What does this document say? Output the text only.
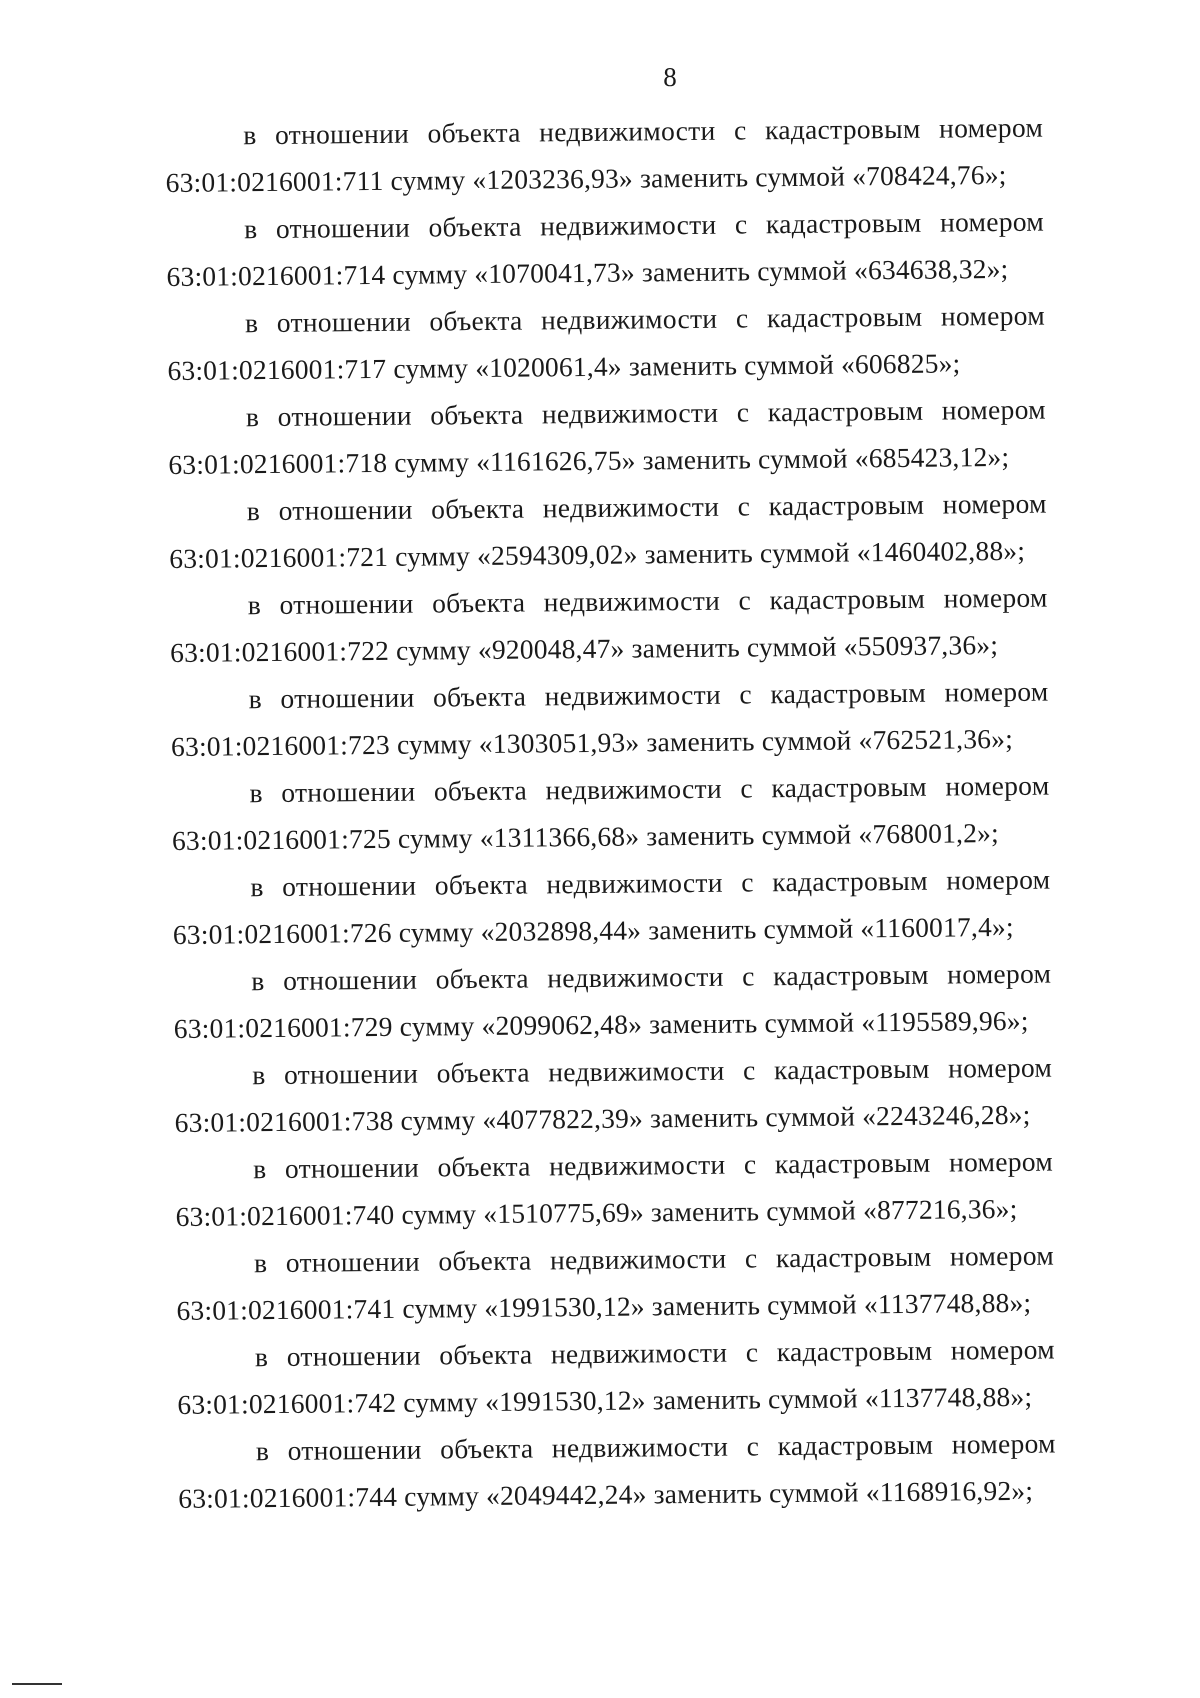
8
в отношении объекта недвижимости с кадастровым номером
63:01:0216001:711 сумму «1203236,93» заменить суммой «708424,76»;
в отношении объекта недвижимости с кадастровым номером
63:01:0216001:714 сумму «1070041,73» заменить суммой «634638,32»;
в отношении объекта недвижимости с кадастровым номером
63:01:0216001:717 сумму «1020061,4» заменить суммой «606825»;
в отношении объекта недвижимости с кадастровым номером
63:01:0216001:718 сумму «1161626,75» заменить суммой «685423,12»;
в отношении объекта недвижимости с кадастровым номером
63:01:0216001:721 сумму «2594309,02» заменить суммой «1460402,88»;
в отношении объекта недвижимости с кадастровым номером
63:01:0216001:722 сумму «920048,47» заменить суммой «550937,36»;
в отношении объекта недвижимости с кадастровым номером
63:01:0216001:723 сумму «1303051,93» заменить суммой «762521,36»;
в отношении объекта недвижимости с кадастровым номером
63:01:0216001:725 сумму «1311366,68» заменить суммой «768001,2»;
в отношении объекта недвижимости с кадастровым номером
63:01:0216001:726 сумму «2032898,44» заменить суммой «1160017,4»;
в отношении объекта недвижимости с кадастровым номером
63:01:0216001:729 сумму «2099062,48» заменить суммой «1195589,96»;
в отношении объекта недвижимости с кадастровым номером
63:01:0216001:738 сумму «4077822,39» заменить суммой «2243246,28»;
в отношении объекта недвижимости с кадастровым номером
63:01:0216001:740 сумму «1510775,69» заменить суммой «877216,36»;
в отношении объекта недвижимости с кадастровым номером
63:01:0216001:741 сумму «1991530,12» заменить суммой «1137748,88»;
в отношении объекта недвижимости с кадастровым номером
63:01:0216001:742 сумму «1991530,12» заменить суммой «1137748,88»;
в отношении объекта недвижимости с кадастровым номером
63:01:0216001:744 сумму «2049442,24» заменить суммой «1168916,92»;
